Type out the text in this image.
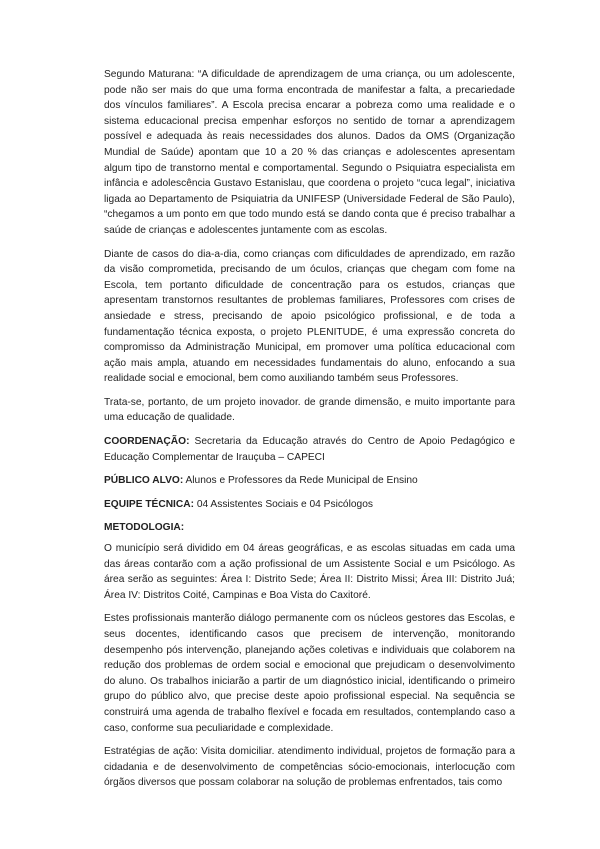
Segundo Maturana: “A dificuldade de aprendizagem de uma criança, ou um adolescente, pode não ser mais do que uma forma encontrada de manifestar a falta, a precariedade dos vínculos familiares”. A Escola precisa encarar a pobreza como uma realidade e o sistema educacional precisa empenhar esforços no sentido de tornar a aprendizagem possível e adequada às reais necessidades dos alunos. Dados da OMS (Organização Mundial de Saúde) apontam que 10 a 20 % das crianças e adolescentes apresentam algum tipo de transtorno mental e comportamental. Segundo o Psiquiatra especialista em infância e adolescência Gustavo Estanislau, que coordena o projeto “cuca legal”, iniciativa ligada ao Departamento de Psiquiatria da UNIFESP (Universidade Federal de São Paulo), “chegamos a um ponto em que todo mundo está se dando conta que é preciso trabalhar a saúde de crianças e adolescentes juntamente com as escolas.

Diante de casos do dia-a-dia, como crianças com dificuldades de aprendizado, em razão da visão comprometida, precisando de um óculos, crianças que chegam com fome na Escola, tem portanto dificuldade de concentração para os estudos, crianças que apresentam transtornos resultantes de problemas familiares, Professores com crises de ansiedade e stress, precisando de apoio psicológico profissional, e de toda a fundamentação técnica exposta, o projeto PLENITUDE, é uma expressão concreta do compromisso da Administração Municipal, em promover uma política educacional com ação mais ampla, atuando em necessidades fundamentais do aluno, enfocando a sua realidade social e emocional, bem como auxiliando também seus Professores.

Trata-se, portanto, de um projeto inovador. de grande dimensão, e muito importante para uma educação de qualidade.

COORDENAÇÃO: Secretaria da Educação através do Centro de Apoio Pedagógico e Educação Complementar de Irauçuba – CAPECI

PÚBLICO ALVO: Alunos e Professores da Rede Municipal de Ensino

EQUIPE TÉCNICA: 04 Assistentes Sociais e 04 Psicólogos

METODOLOGIA:

O município será dividido em 04 áreas geográficas, e as escolas situadas em cada uma das áreas contarão com a ação profissional de um Assistente Social e um Psicólogo. As área serão as seguintes: Área I: Distrito Sede; Área II: Distrito Missi; Área III: Distrito Juá; Área IV: Distritos Coité, Campinas e Boa Vista do Caxitoré.

Estes profissionais manterão diálogo permanente com os núcleos gestores das Escolas, e seus docentes, identificando casos que precisem de intervenção, monitorando desempenho pós intervenção, planejando ações coletivas e individuais que colaborem na redução dos problemas de ordem social e emocional que prejudicam o desenvolvimento do aluno. Os trabalhos iniciarão a partir de um diagnóstico inicial, identificando o primeiro grupo do público alvo, que precise deste apoio profissional especial. Na sequência se construirá uma agenda de trabalho flexível e focada em resultados, contemplando caso a caso, conforme sua peculiaridade e complexidade.

Estratégias de ação: Visita domiciliar. atendimento individual, projetos de formação para a cidadania e de desenvolvimento de competências sócio-emocionais, interlocução com órgãos diversos que possam colaborar na solução de problemas enfrentados, tais como
